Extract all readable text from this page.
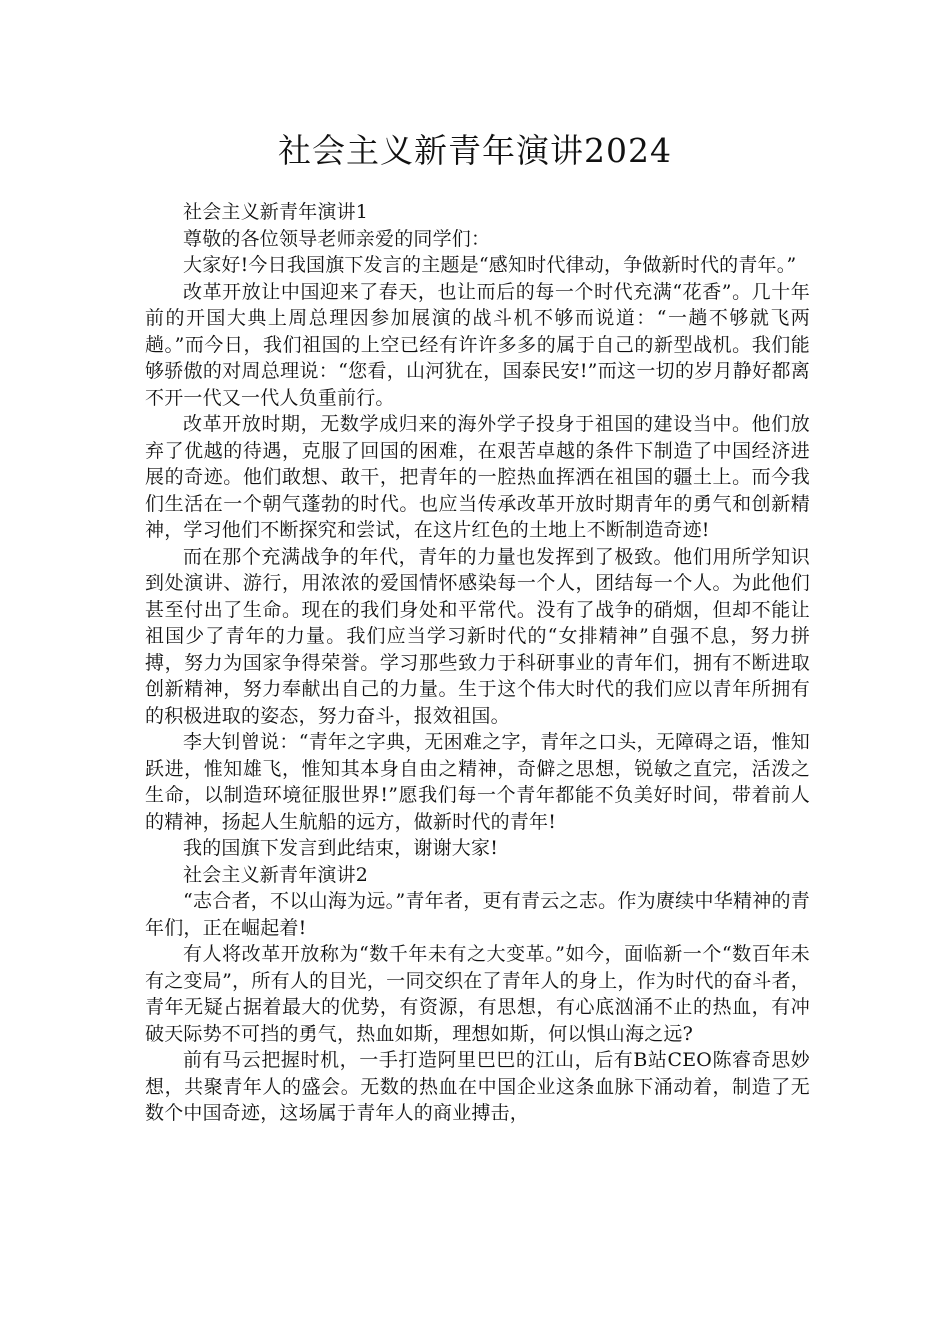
社会主义新青年演讲2024

社会主义新青年演讲1

尊敬的各位领导老师亲爱的同学们：

大家好!今日我国旗下发言的主题是“感知时代律动，争做新时代的青年。”

改革开放让中国迎来了春天，也让而后的每一个时代充满“花香”。几十年前的开国大典上周总理因参加展演的战斗机不够而说道：“一趟不够就飞两趟。”而今日，我们祖国的上空已经有许许多多的属于自己的新型战机。我们能够骄傲的对周总理说：“您看，山河犹在，国泰民安!”而这一切的岁月静好都离不开一代又一代人负重前行。

改革开放时期，无数学成归来的海外学子投身于祖国的建设当中。他们放弃了优越的待遇，克服了回国的困难，在艰苦卓越的条件下制造了中国经济进展的奇迹。他们敢想、敢干，把青年的一腔热血挥洒在祖国的疆土上。而今我们生活在一个朝气蓬勃的时代。也应当传承改革开放时期青年的勇气和创新精神，学习他们不断探究和尝试，在这片红色的土地上不断制造奇迹!

而在那个充满战争的年代，青年的力量也发挥到了极致。他们用所学知识到处演讲、游行，用浓浓的爱国情怀感染每一个人，团结每一个人。为此他们甚至付出了生命。现在的我们身处和平常代。没有了战争的硝烟，但却不能让祖国少了青年的力量。我们应当学习新时代的“女排精神”自强不息，努力拼搏，努力为国家争得荣誉。学习那些致力于科研事业的青年们，拥有不断进取创新精神，努力奉献出自己的力量。生于这个伟大时代的我们应以青年所拥有的积极进取的姿态，努力奋斗，报效祖国。

李大钊曾说：“青年之字典，无困难之字，青年之口头，无障碍之语，惟知跃进，惟知雄飞，惟知其本身自由之精神，奇僻之思想，锐敏之直完，活泼之生命，以制造环境征服世界!”愿我们每一个青年都能不负美好时间，带着前人的精神，扬起人生航船的远方，做新时代的青年!

我的国旗下发言到此结束，谢谢大家!

社会主义新青年演讲2

“志合者，不以山海为远。”青年者，更有青云之志。作为赓续中华精神的青年们，正在崛起着!

有人将改革开放称为“数千年未有之大变革。”如今，面临新一个“数百年未有之变局”，所有人的目光，一同交织在了青年人的身上，作为时代的奋斗者，青年无疑占据着最大的优势，有资源，有思想，有心底汹涌不止的热血，有冲破天际势不可挡的勇气，热血如斯，理想如斯，何以惧山海之远?

前有马云把握时机，一手打造阿里巴巴的江山，后有B站CEO陈睿奇思妙想，共聚青年人的盛会。无数的热血在中国企业这条血脉下涌动着，制造了无数个中国奇迹，这场属于青年人的商业搏击，
